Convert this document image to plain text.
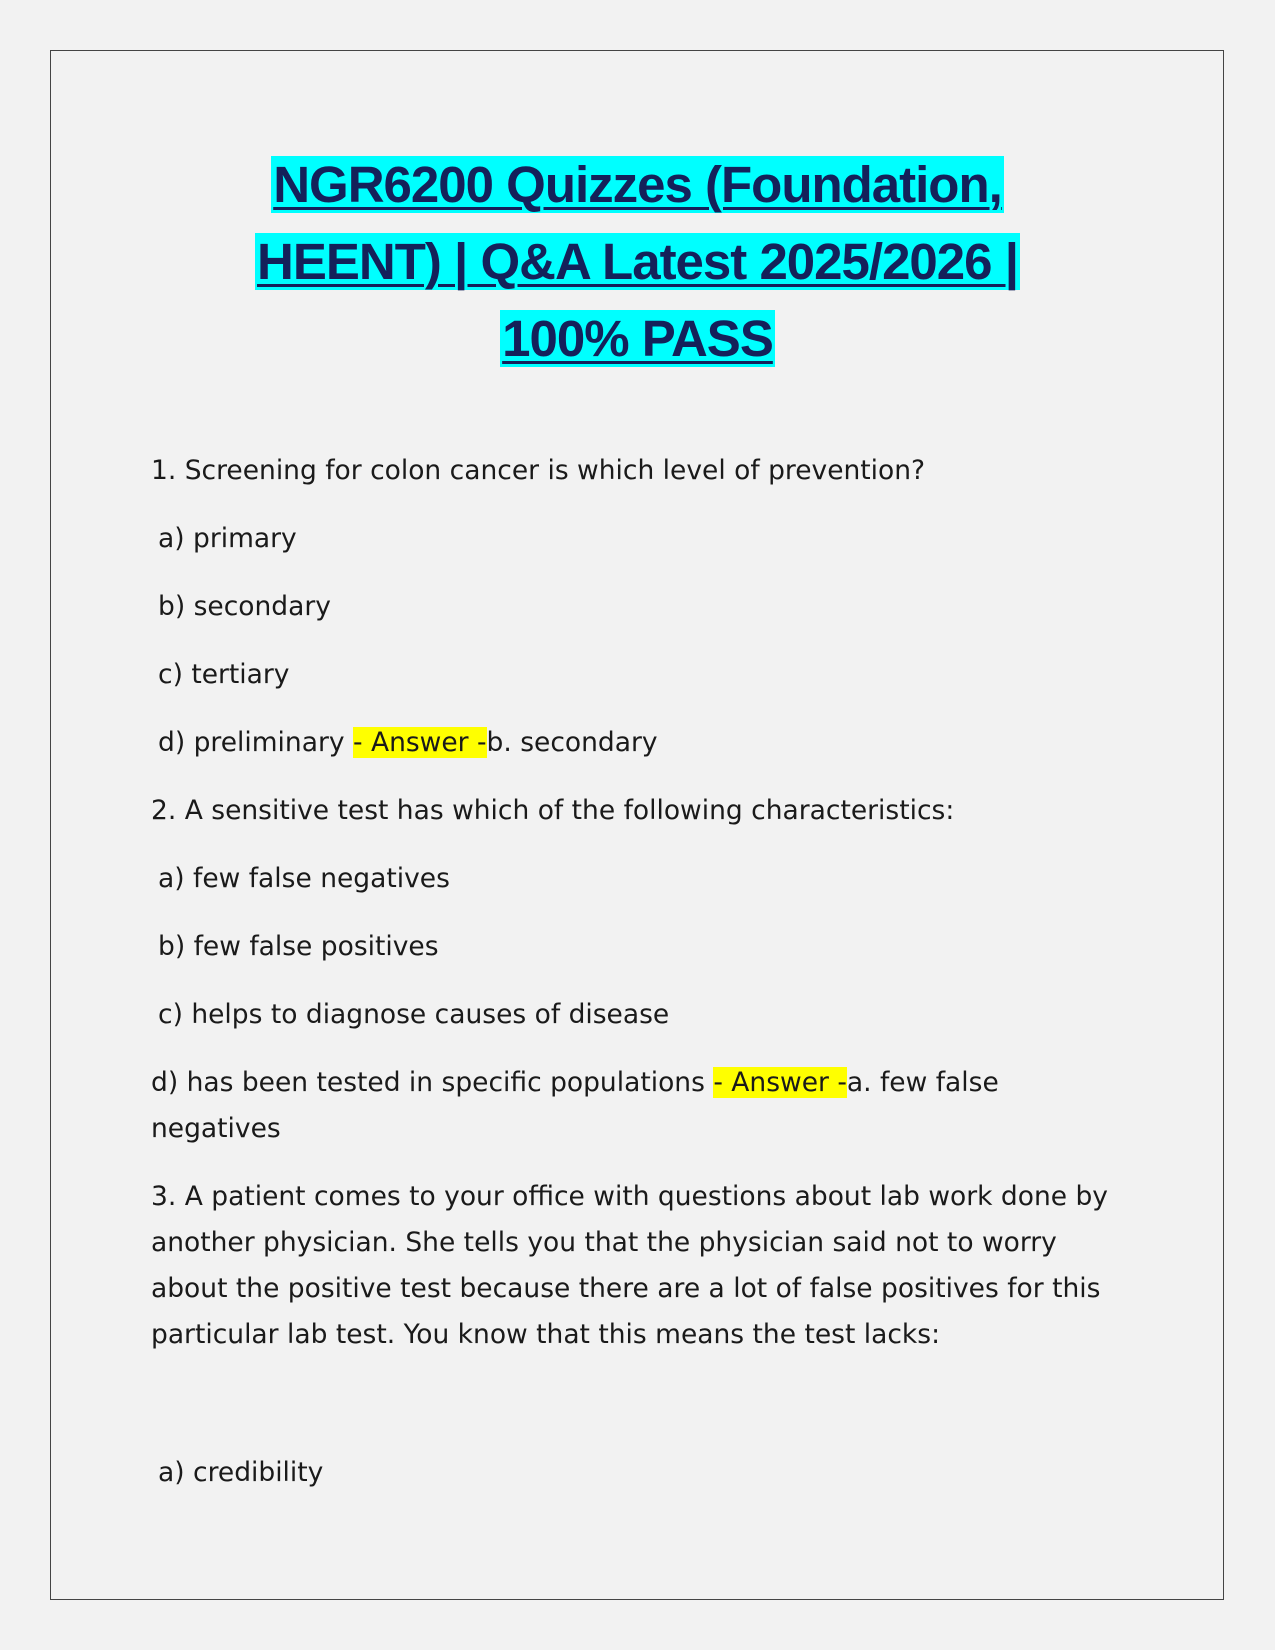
NGR6200 Quizzes (Foundation,
HEENT) | Q&A Latest 2025/2026 |
100% PASS
1. Screening for colon cancer is which level of prevention?
a) primary
b) secondary
c) tertiary
d) preliminary - Answer -b. secondary
2. A sensitive test has which of the following characteristics:
a) few false negatives
b) few false positives
c) helps to diagnose causes of disease
d) has been tested in specific populations - Answer -a. few false negatives
3. A patient comes to your office with questions about lab work done by another physician. She tells you that the physician said not to worry about the positive test because there are a lot of false positives for this particular lab test. You know that this means the test lacks:
a) credibility
